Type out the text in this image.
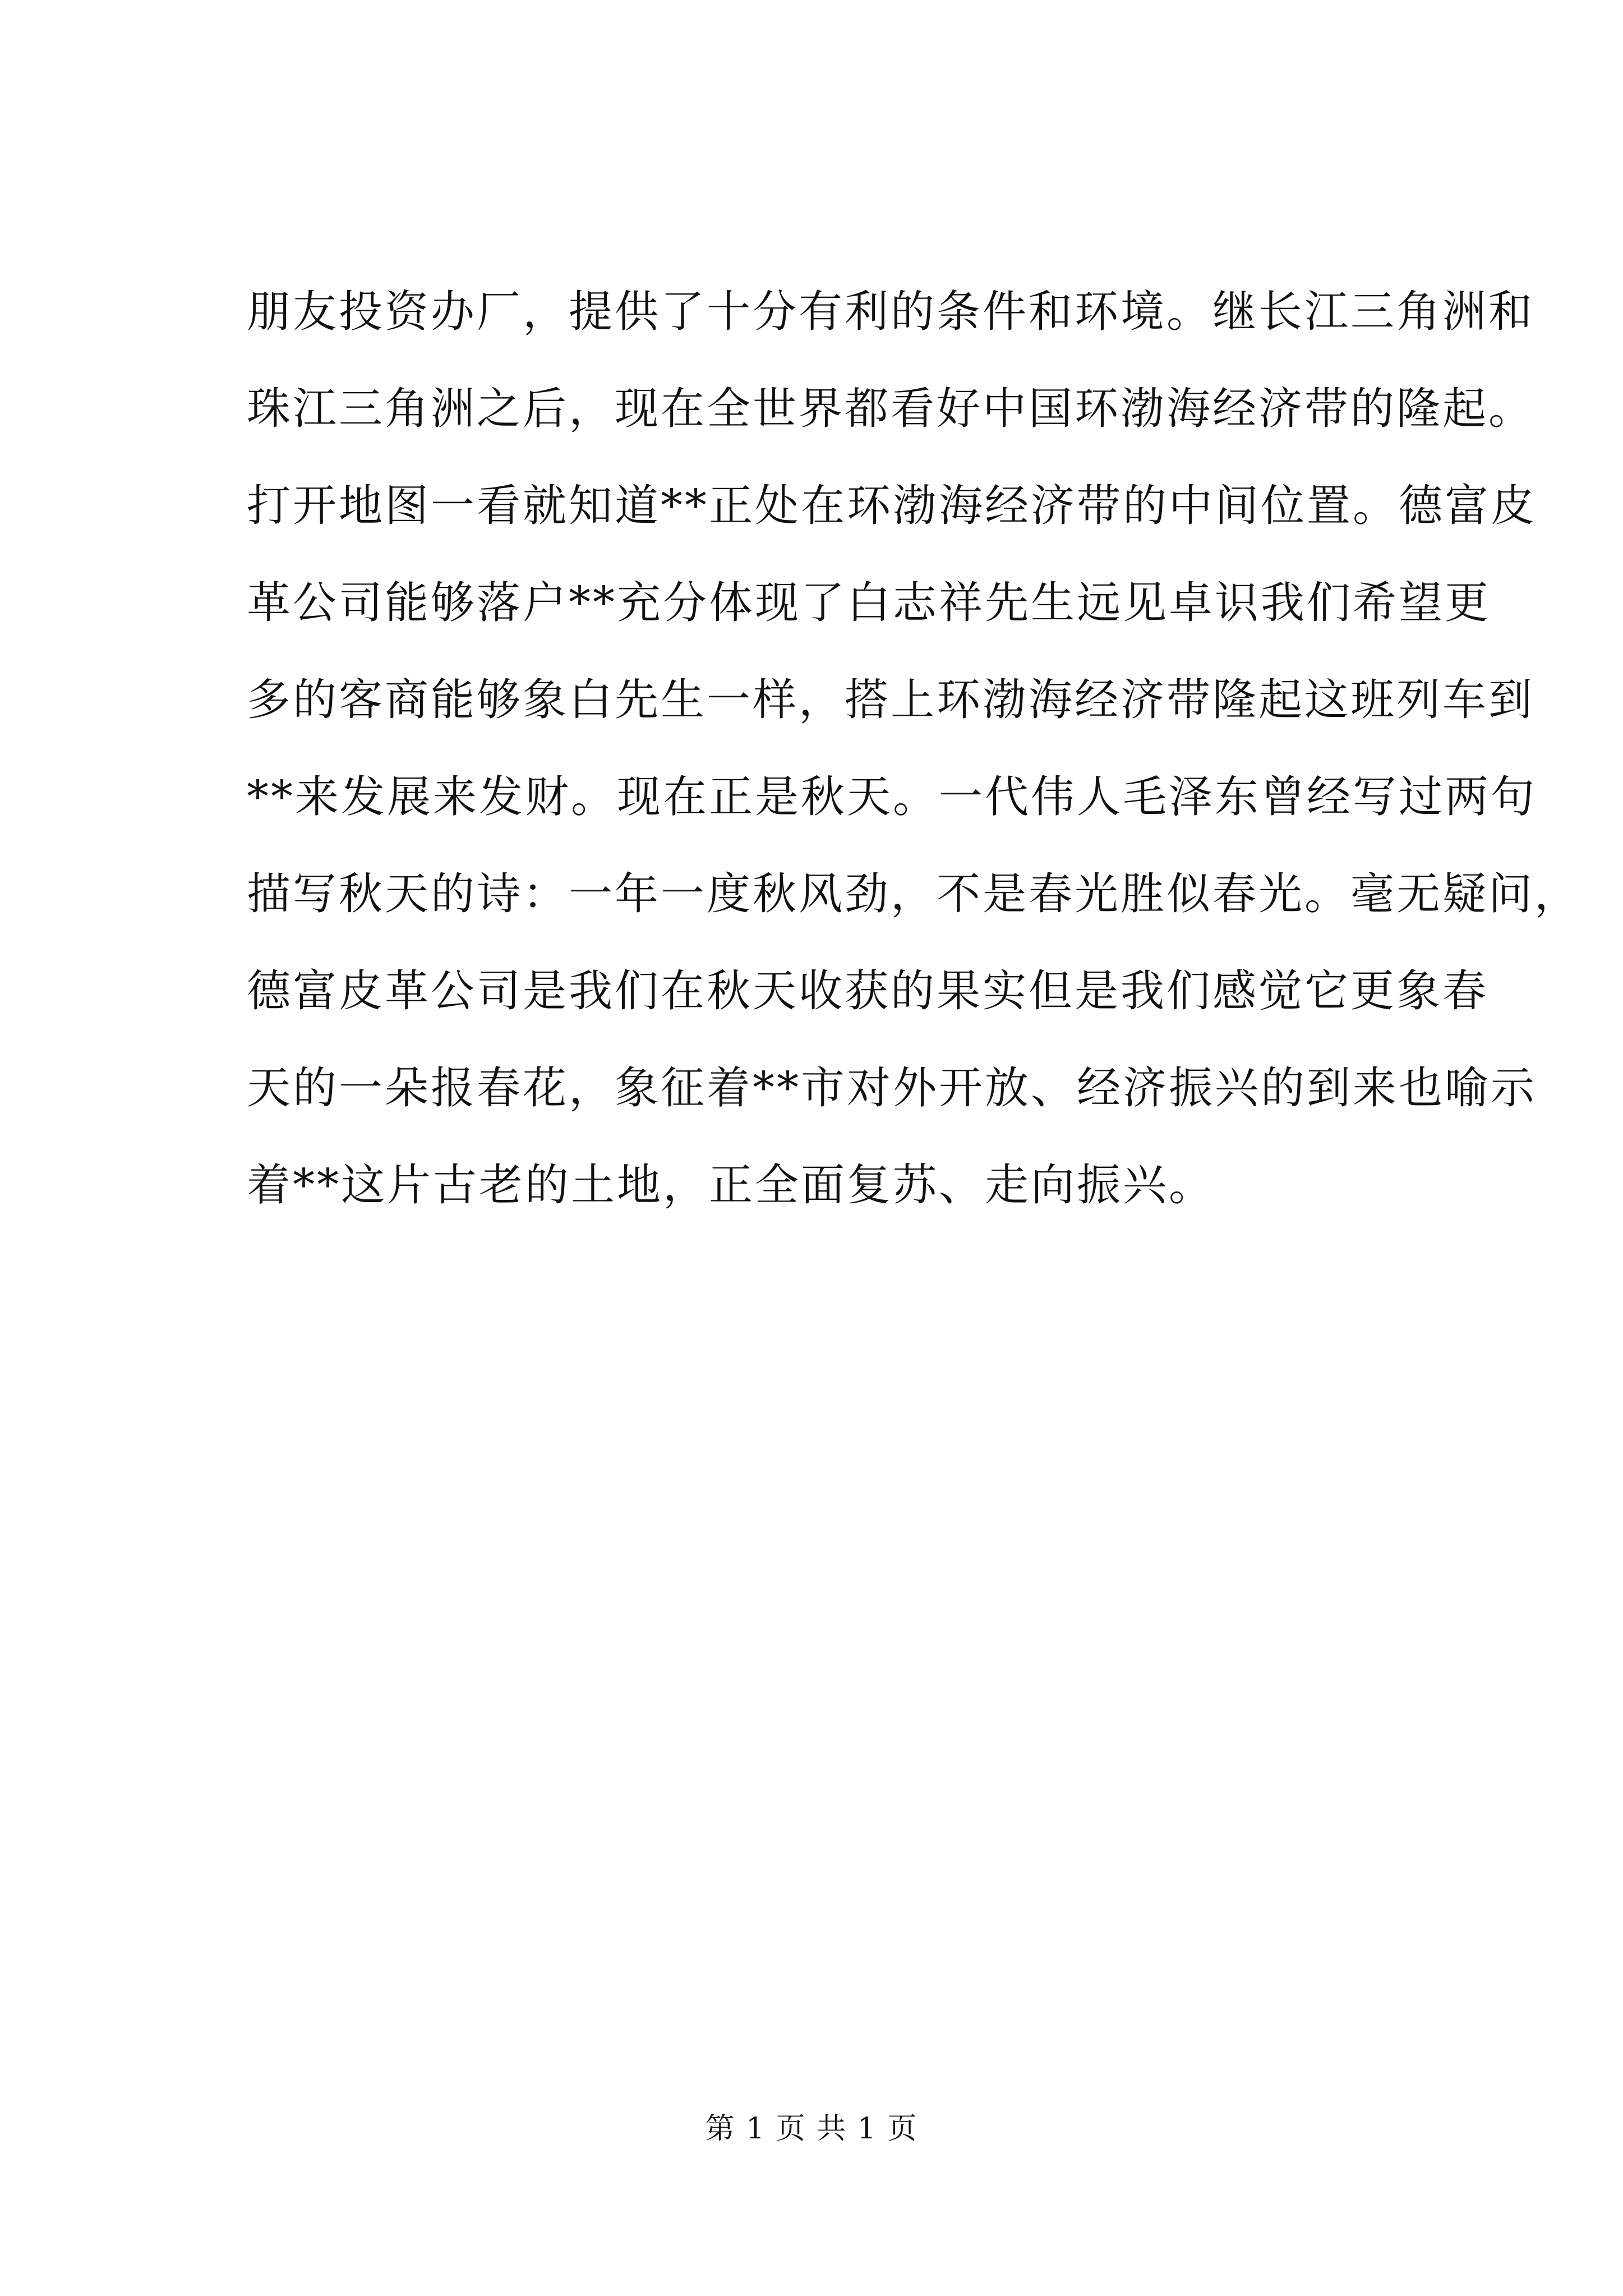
朋友投资办厂，提供了十分有利的条件和环境。继长江三角洲和
珠江三角洲之后，现在全世界都看好中国环渤海经济带的隆起。
打开地图一看就知道**正处在环渤海经济带的中间位置。德富皮
革公司能够落户**充分体现了白志祥先生远见卓识我们希望更
多的客商能够象白先生一样，搭上环渤海经济带隆起这班列车到
**来发展来发财。现在正是秋天。一代伟人毛泽东曾经写过两句
描写秋天的诗：一年一度秋风劲，不是春光胜似春光。毫无疑问，
德富皮革公司是我们在秋天收获的果实但是我们感觉它更象春
天的一朵报春花，象征着**市对外开放、经济振兴的到来也喻示
着**这片古老的土地，正全面复苏、走向振兴。
第 1 页 共 1 页
